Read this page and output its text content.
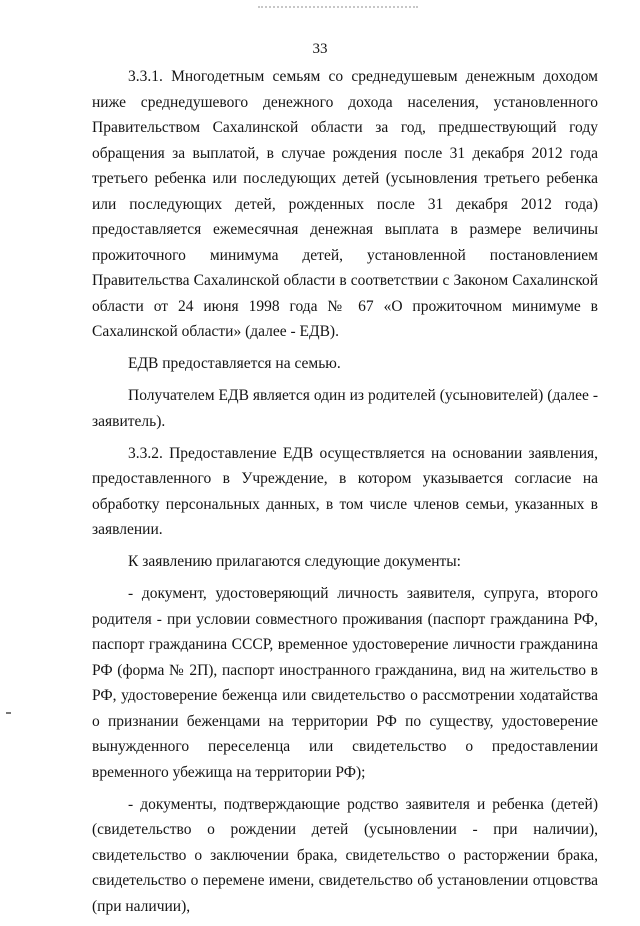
33

3.3.1. Многодетным семьям со среднедушевым денежным доходом ниже среднедушевого денежного дохода населения, установленного Правительством Сахалинской области за год, предшествующий году обращения за выплатой, в случае рождения после 31 декабря 2012 года третьего ребенка или последующих детей (усыновления третьего ребенка или последующих детей, рожденных после 31 декабря 2012 года) предоставляется ежемесячная денежная выплата в размере величины прожиточного минимума детей, установленной постановлением Правительства Сахалинской области в соответствии с Законом Сахалинской области от 24 июня 1998 года № 67 «О прожиточном минимуме в Сахалинской области» (далее - ЕДВ).

ЕДВ предоставляется на семью.

Получателем ЕДВ является один из родителей (усыновителей) (далее - заявитель).

3.3.2. Предоставление ЕДВ осуществляется на основании заявления, предоставленного в Учреждение, в котором указывается согласие на обработку персональных данных, в том числе членов семьи, указанных в заявлении.

К заявлению прилагаются следующие документы:

- документ, удостоверяющий личность заявителя, супруга, второго родителя - при условии совместного проживания (паспорт гражданина РФ, паспорт гражданина СССР, временное удостоверение личности гражданина РФ (форма № 2П), паспорт иностранного гражданина, вид на жительство в РФ, удостоверение беженца или свидетельство о рассмотрении ходатайства о признании беженцами на территории РФ по существу, удостоверение вынужденного переселенца или свидетельство о предоставлении временного убежища на территории РФ);

- документы, подтверждающие родство заявителя и ребенка (детей) (свидетельство о рождении детей (усыновлении - при наличии), свидетельство о заключении брака, свидетельство о расторжении брака, свидетельство о перемене имени, свидетельство об установлении отцовства (при наличии),
